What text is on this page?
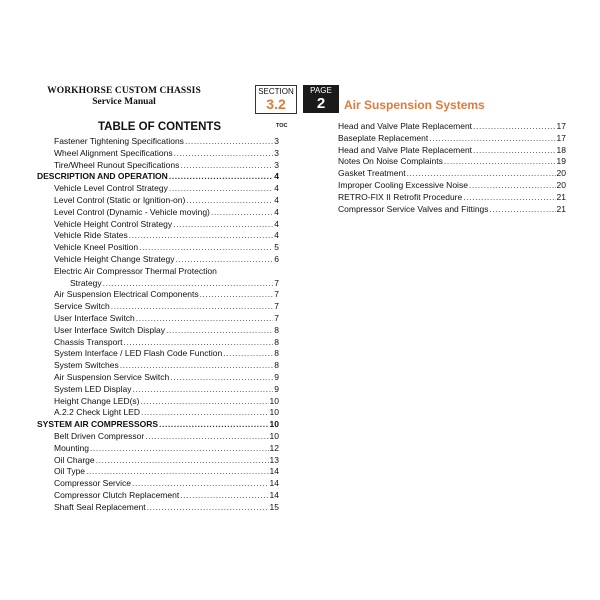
WORKHORSE CUSTOM CHASSIS
Service Manual
SECTION
3.2
PAGE
2	Air Suspension Systems
TABLE OF CONTENTS	TOC
Fastener Tightening Specifications .....	3
Wheel Alignment Specifications .....	3
Tire/Wheel Runout Specifications .....	3
DESCRIPTION AND OPERATION .....	4
Vehicle Level Control Strategy .....	4
Level Control (Static or Ignition-on) .....	4
Level Control (Dynamic - Vehicle moving) .....	4
Vehicle Height Control Strategy .....	4
Vehicle Ride States .....	4
Vehicle Kneel Position .....	5
Vehicle Height Change Strategy .....	6
Electric Air Compressor Thermal Protection
Strategy .....	7
Air Suspension Electrical Components .....	7
Service Switch .....	7
User Interface Switch .....	7
User Interface Switch Display .....	8
Chassis Transport .....	8
System Interface / LED Flash Code Function .....	8
System Switches .....	8
Air Suspension Service Switch .....	9
System LED Display .....	9
Height Change LED(s) .....	10
A.2.2 Check Light LED .....	10
SYSTEM AIR COMPRESSORS .....	10
Belt Driven Compressor .....	10
Mounting .....	12
Oil Charge .....	13
Oil Type .....	14
Compressor Service .....	14
Compressor Clutch Replacement .....	14
Shaft Seal Replacement .....	15
Head and Valve Plate Replacement .....	17
Baseplate Replacement .....	17
Head and Valve Plate Replacement .....	18
Notes On Noise Complaints .....	19
Gasket Treatment .....	20
Improper Cooling Excessive Noise .....	20
RETRO-FIX II Retrofit Procedure .....	21
Compressor Service Valves and Fittings .....	21
